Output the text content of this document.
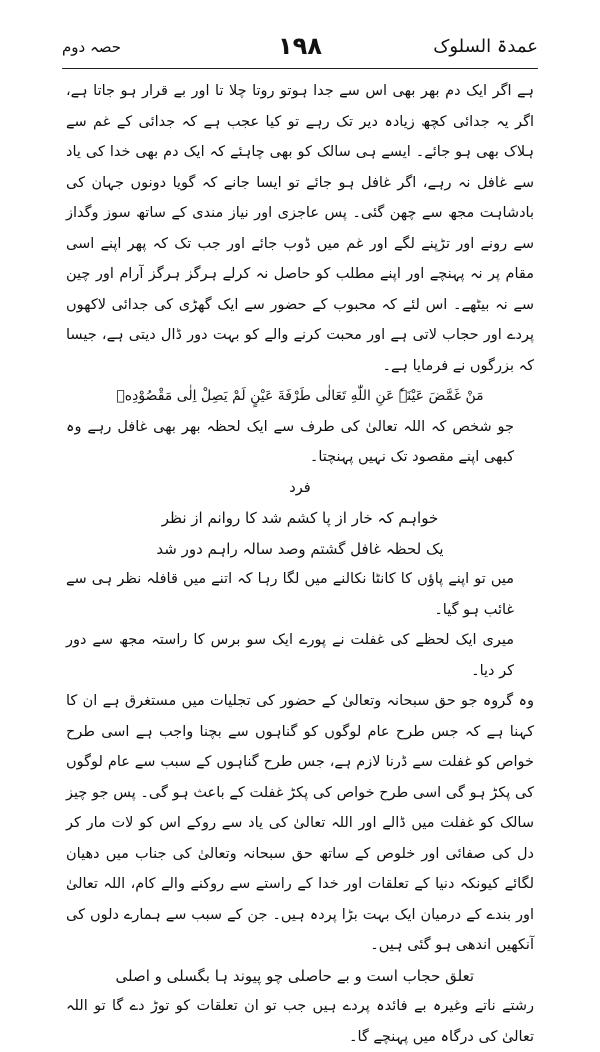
عمدۃ السلوک
۱۹۸
حصہ دوم

ہے اگر ایک دم بھر بھی اس سے جدا ہوتو روتا چلا تا اور بے قرار ہو جاتا ہے، اگر یہ جدائی کچھ زیادہ دیر تک رہے تو کیا عجب ہے کہ جدائی کے غم سے ہلاک بھی ہو جائے۔ ایسے ہی سالک کو بھی چاہئے کہ ایک دم بھی خدا کی یاد سے غافل نہ رہے، اگر غافل ہو جائے تو ایسا جانے کہ گویا دونوں جہان کی بادشاہت مجھ سے چھن گئی۔ پس عاجزی اور نیاز مندی کے ساتھ سوز وگداز سے رونے اور تڑپنے لگے اور غم میں ڈوب جائے اور جب تک کہ پھر اپنے اسی مقام پر نہ پہنچے اور اپنے مطلب کو حاصل نہ کرلے ہرگز ہرگز آرام اور چین سے نہ بیٹھے۔ اس لئے کہ محبوب کے حضور سے ایک گھڑی کی جدائی لاکھوں پردے اور حجاب لاتی ہے اور محبت کرنے والے کو بہت دور ڈال دیتی ہے، جیسا کہ بزرگوں نے فرمایا ہے۔

مَنْ غَمَّضَ عَيْنَہٗ عَنِ اللّٰهِ تَعَالٰى طَرْفَةَ عَيْنٍ لَمْ يَصِلْ اِلٰى مَقْصُوْدِهٖ

جو شخص کہ اللہ تعالیٰ کی طرف سے ایک لحظہ بھر بھی غافل رہے وہ کبھی اپنے مقصود تک نہیں پہنچتا۔

فرد

خواہم کہ خار از پا کشم شد کا روانم از نظر

یک لحظہ غافل گشتم وصد سالہ راہم دور شد

میں تو اپنے پاؤں کا کانٹا نکالنے میں لگا رہا کہ اتنے میں قافلہ نظر ہی سے غائب ہو گیا۔

میری ایک لحظے کی غفلت نے پورے ایک سو برس کا راستہ مجھ سے دور کر دیا۔

وہ گروہ جو حق سبحانہ وتعالیٰ کے حضور کی تجلیات میں مستغرق ہے ان کا کہنا ہے کہ جس طرح عام لوگوں کو گناہوں سے بچنا واجب ہے اسی طرح خواص کو غفلت سے ڈرنا لازم ہے، جس طرح گناہوں کے سبب سے عام لوگوں کی پکڑ ہو گی اسی طرح خواص کی پکڑ غفلت کے باعث ہو گی۔ پس جو چیز سالک کو غفلت میں ڈالے اور اللہ تعالیٰ کی یاد سے روکے اس کو لات مار کر دل کی صفائی اور خلوص کے ساتھ حق سبحانہ وتعالیٰ کی جناب میں دھیان لگائے کیونکہ دنیا کے تعلقات اور خدا کے راستے سے روکنے والے کام، اللہ تعالیٰ اور بندے کے درمیان ایک بہت بڑا پردہ ہیں۔ جن کے سبب سے ہمارے دلوں کی آنکھیں اندھی ہو گئی ہیں۔

تعلق حجاب است و بے حاصلی چو پیوند ہا بگسلی و اصلی

رشتے ناتے وغیرہ بے فائدہ پردے ہیں جب تو ان تعلقات کو توڑ دے گا تو اللہ تعالیٰ کی درگاہ میں پہنچے گا۔
